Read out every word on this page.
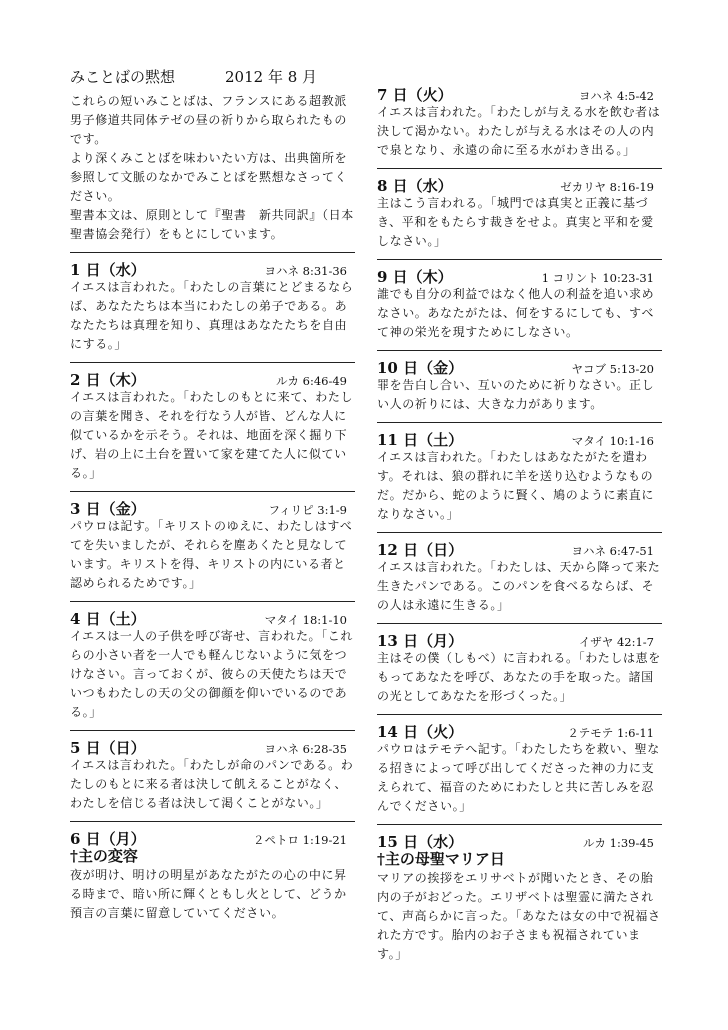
みことばの黙想	2012 年 8 月

これらの短いみことばは、フランスにある超教派男子修道共同体テゼの昼の祈りから取られたものです。

より深くみことばを味わいたい方は、出典箇所を参照して文脈のなかでみことばを黙想なさってください。

聖書本文は、原則として『聖書　新共同訳』（日本聖書協会発行）をもとにしています。

1 日（水）	ヨハネ 8:31-36

イエスは言われた。「わたしの言葉にとどまるならば、あなたたちは本当にわたしの弟子である。あなたたちは真理を知り、真理はあなたたちを自由にする。」

2 日（木）	ルカ 6:46-49

イエスは言われた。「わたしのもとに来て、わたしの言葉を聞き、それを行なう人が皆、どんな人に似ているかを示そう。それは、地面を深く掘り下げ、岩の上に土台を置いて家を建てた人に似ている。」

3 日（金）	フィリピ 3:1-9

パウロは記す。「キリストのゆえに、わたしはすべてを失いましたが、それらを塵あくたと見なしています。キリストを得、キリストの内にいる者と認められるためです。」

4 日（土）	マタイ 18:1-10

イエスは一人の子供を呼び寄せ、言われた。「これらの小さい者を一人でも軽んじないように気をつけなさい。言っておくが、彼らの天使たちは天でいつもわたしの天の父の御顔を仰いでいるのである。」

5 日（日）	ヨハネ 6:28-35

イエスは言われた。「わたしが命のパンである。わたしのもとに来る者は決して飢えることがなく、わたしを信じる者は決して渇くことがない。」

6 日（月）	２ペトロ 1:19-21
†主の変容

夜が明け、明けの明星があなたがたの心の中に昇る時まで、暗い所に輝くともし火として、どうか預言の言葉に留意していてください。

7 日（火）	ヨハネ 4:5-42

イエスは言われた。「わたしが与える水を飲む者は決して渇かない。わたしが与える水はその人の内で泉となり、永遠の命に至る水がわき出る。」

8 日（水）	ゼカリヤ 8:16-19

主はこう言われる。「城門では真実と正義に基づき、平和をもたらす裁きをせよ。真実と平和を愛しなさい。」

9 日（木）	1 コリント 10:23-31

誰でも自分の利益ではなく他人の利益を追い求めなさい。あなたがたは、何をするにしても、すべて神の栄光を現すためにしなさい。

10 日（金）	ヤコブ 5:13-20

罪を告白し合い、互いのために祈りなさい。正しい人の祈りには、大きな力があります。

11 日（土）	マタイ 10:1-16

イエスは言われた。「わたしはあなたがたを遣わす。それは、狼の群れに羊を送り込むようなものだ。だから、蛇のように賢く、鳩のように素直になりなさい。」

12 日（日）	ヨハネ 6:47-51

イエスは言われた。「わたしは、天から降って来た生きたパンである。このパンを食べるならば、その人は永遠に生きる。」

13 日（月）	イザヤ 42:1-7

主はその僕（しもべ）に言われる。「わたしは恵をもってあなたを呼び、あなたの手を取った。諸国の光としてあなたを形づくった。」

14 日（火）	２テモテ 1:6-11

パウロはテモテへ記す。「わたしたちを救い、聖なる招きによって呼び出してくださった神の力に支えられて、福音のためにわたしと共に苦しみを忍んでください。」

15 日（水）	ルカ 1:39-45
†主の母聖マリア日

マリアの挨拶をエリサベトが聞いたとき、その胎内の子がおどった。エリザベトは聖霊に満たされて、声高らかに言った。「あなたは女の中で祝福された方です。胎内のお子さまも祝福されています。」
